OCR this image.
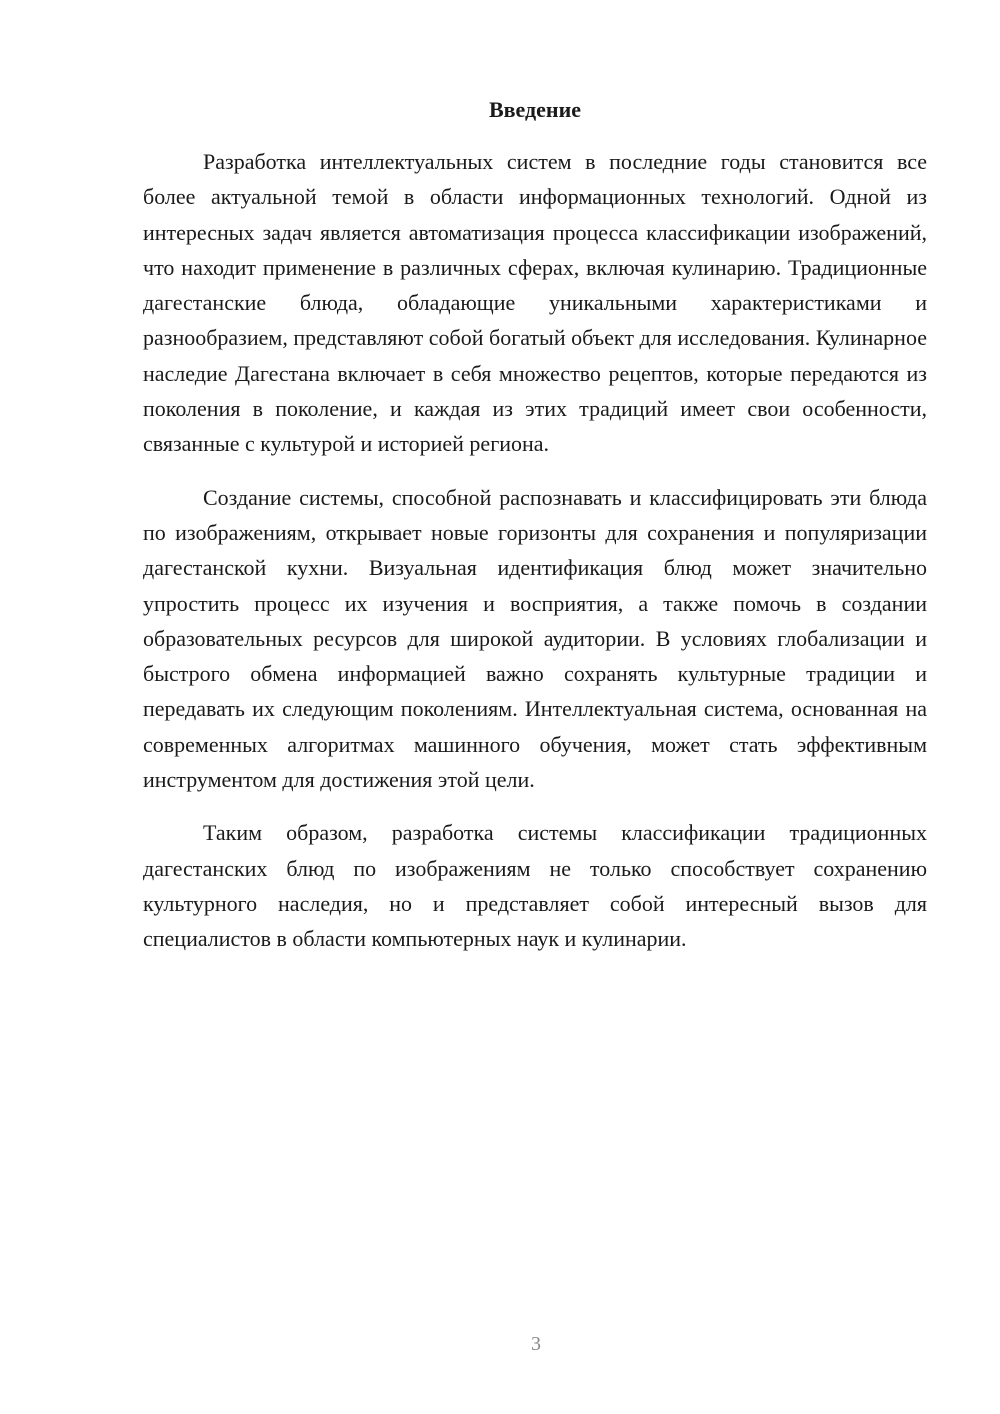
Введение

Разработка интеллектуальных систем в последние годы становится все более актуальной темой в области информационных технологий. Одной из интересных задач является автоматизация процесса классификации изображений, что находит применение в различных сферах, включая кулинарию. Традиционные дагестанские блюда, обладающие уникальными характеристиками и разнообразием, представляют собой богатый объект для исследования. Кулинарное наследие Дагестана включает в себя множество рецептов, которые передаются из поколения в поколение, и каждая из этих традиций имеет свои особенности, связанные с культурой и историей региона.

Создание системы, способной распознавать и классифицировать эти блюда по изображениям, открывает новые горизонты для сохранения и популяризации дагестанской кухни. Визуальная идентификация блюд может значительно упростить процесс их изучения и восприятия, а также помочь в создании образовательных ресурсов для широкой аудитории. В условиях глобализации и быстрого обмена информацией важно сохранять культурные традиции и передавать их следующим поколениям. Интеллектуальная система, основанная на современных алгоритмах машинного обучения, может стать эффективным инструментом для достижения этой цели.

Таким образом, разработка системы классификации традиционных дагестанских блюд по изображениям не только способствует сохранению культурного наследия, но и представляет собой интересный вызов для специалистов в области компьютерных наук и кулинарии.

3
